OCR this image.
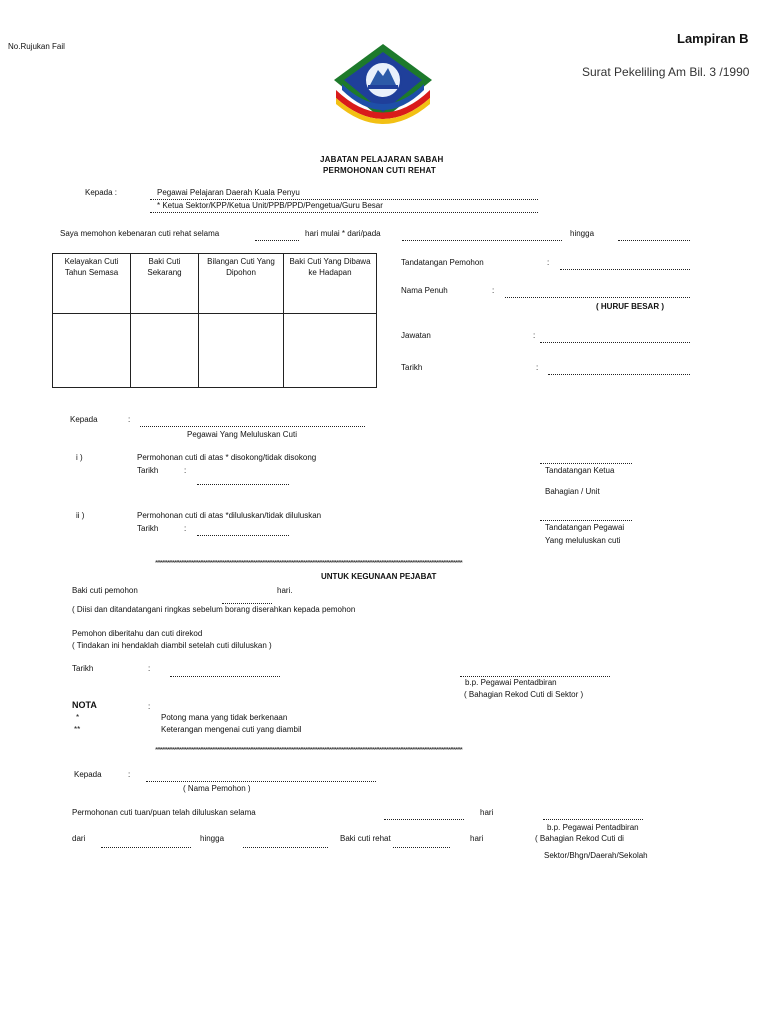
No.Rujukan Fail
Lampiran B
Surat Pekeliling Am Bil. 3 /1990
JABATAN PELAJARAN SABAH
PERMOHONAN CUTI REHAT
Kepada :	Pegawai Pelajaran Daerah Kuala Penyu
* Ketua Sektor/KPP/Ketua Unit/PPB/PPD/Pengetua/Guru Besar
Saya memohon kebenaran cuti rehat selama	hari mulai * dari/pada	hingga
Kelayakan Cuti Tahun Semasa	Baki Cuti Sekarang	Bilangan Cuti Yang Dipohon	Baki Cuti Yang Dibawa ke Hadapan

Tandatangan Pemohon	:
Nama Penuh	:
( HURUF BESAR )
Jawatan	:
Tarikh	:
Kepada	:
Pegawai Yang Meluluskan Cuti
i )	Permohonan cuti di atas * disokong/tidak disokong
Tarikh	:	Tandatangan Ketua
Bahagian / Unit
ii )	Permohonan cuti di atas *diluluskan/tidak diluluskan
Tarikh	:	Tandatangan Pegawai
Yang meluluskan cuti
**********************************************************************************************************************************************************************************
UNTUK KEGUNAAN PEJABAT
Baki cuti pemohon	hari.
( Diisi dan ditandatangani ringkas sebelum borang diserahkan kepada pemohon
Pemohon diberitahu dan cuti direkod
( Tindakan ini hendaklah diambil setelah cuti diluluskan )
Tarikh	:
b.p. Pegawai Pentadbiran
( Bahagian Rekod Cuti di Sektor )
NOTA	:
*	Potong mana yang tidak berkenaan
**	Keterangan mengenai cuti yang diambil
**********************************************************************************************************************************************************************************
Kepada	:
( Nama Pemohon )
Permohonan cuti tuan/puan telah diluluskan selama	hari
b.p. Pegawai Pentadbiran
dari	hingga	Baki cuti rehat	hari	( Bahagian Rekod Cuti di
Sektor/Bhgn/Daerah/Sekolah
